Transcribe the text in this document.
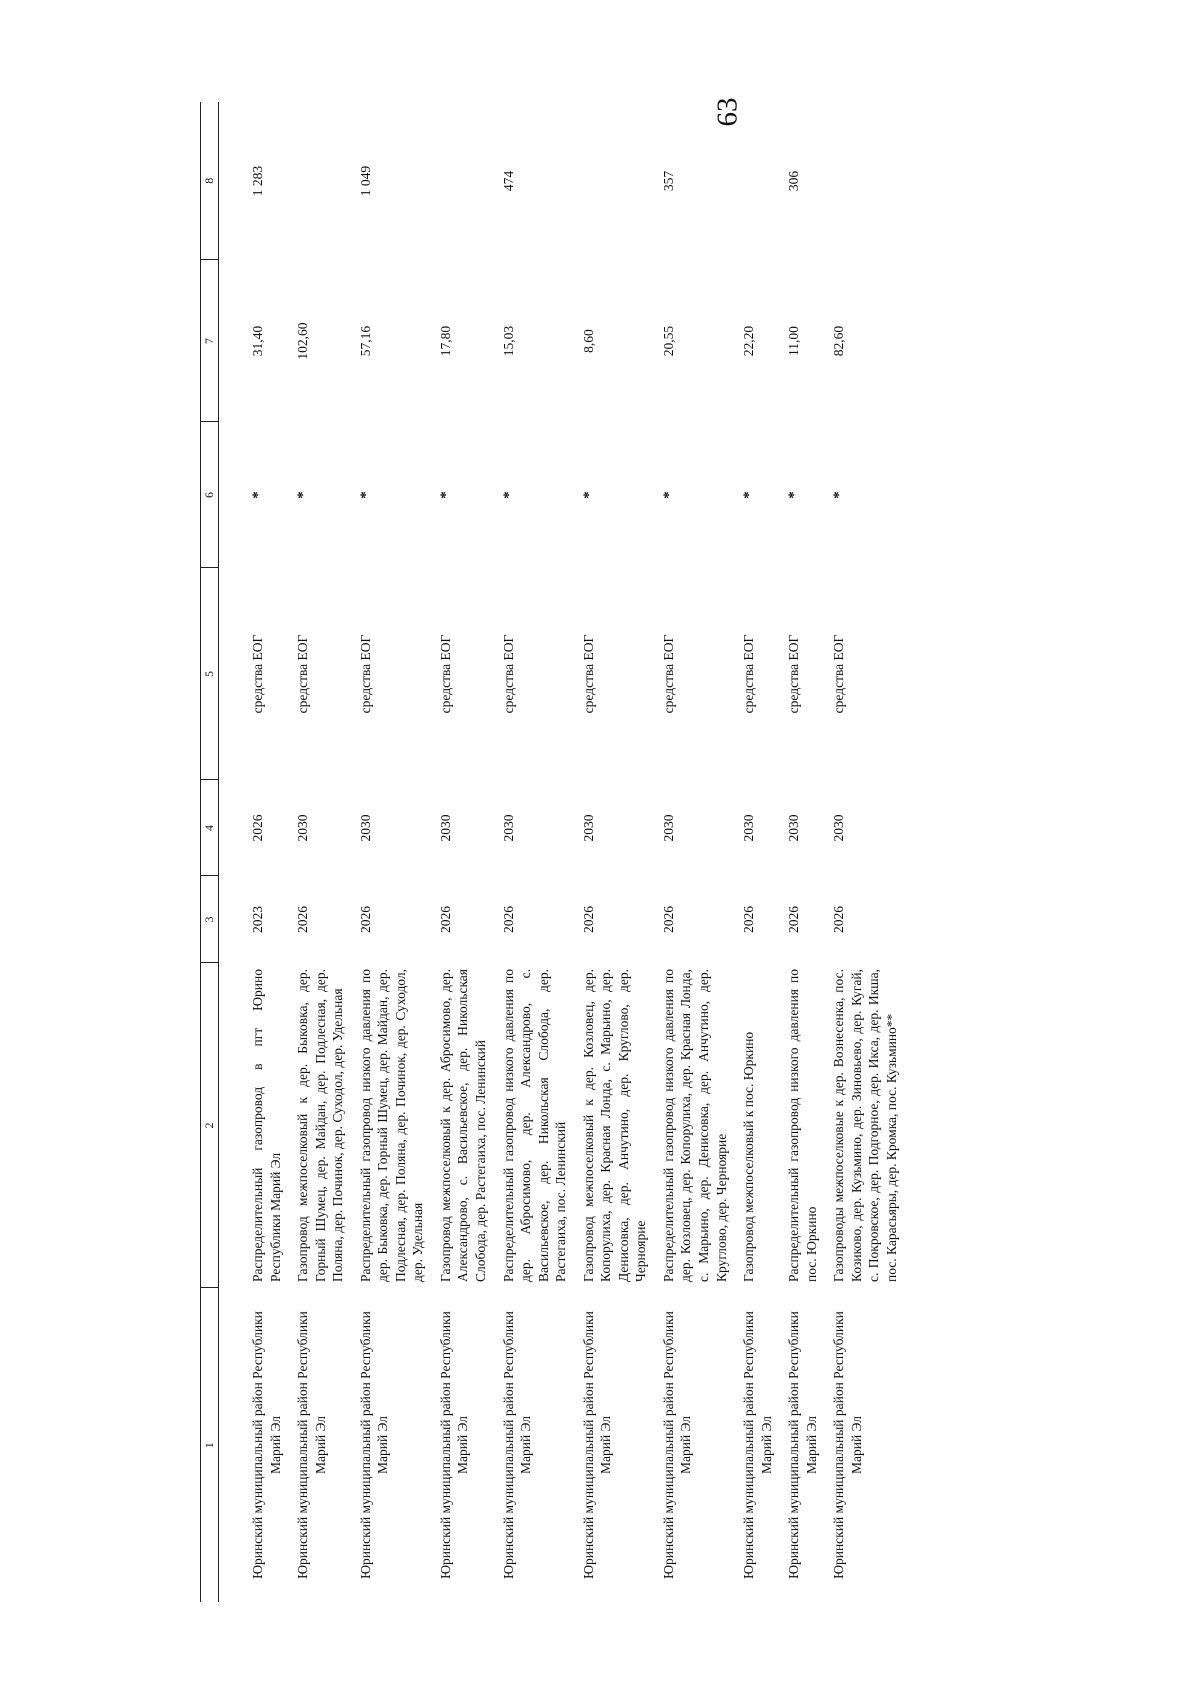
63
1	2	3	4	5	6	7	8
Юринский муниципальный район Республики Марий Эл	Распределительный газопровод в пгт Юрино Республики Марий Эл	2023	2026	средства ЕОГ	*	31,40	1 283
Юринский муниципальный район Республики Марий Эл	Газопровод межпоселковый к дер. Быковка, дер. Горный Шумец, дер. Майдан, дер. Подлесная, дер. Поляна, дер. Починок, дер. Суходол, дер. Удельная	2026	2030	средства ЕОГ	*	102,60	
Юринский муниципальный район Республики Марий Эл	Распределительный газопровод низкого давления по дер. Быковка, дер. Горный Шумец, дер. Майдан, дер. Подлесная, дер. Поляна, дер. Починок, дер. Суходол, дер. Удельная	2026	2030	средства ЕОГ	*	57,16	1 049
Юринский муниципальный район Республики Марий Эл	Газопровод межпоселковый к дер. Абросимово, дер. Александрово, с. Васильевское, дер. Никольская Слобода, дер. Растегаиха, пос. Ленинский	2026	2030	средства ЕОГ	*	17,80	
Юринский муниципальный район Республики Марий Эл	Распределительный газопровод низкого давления по дер. Абросимово, дер. Александрово, с. Васильевское, дер. Никольская Слобода, дер. Растегаиха, пос. Ленинский	2026	2030	средства ЕОГ	*	15,03	474
Юринский муниципальный район Республики Марий Эл	Газопровод межпоселковый к дер. Козловец, дер. Копорулиха, дер. Красная Лонда, с. Марьино, дер. Денисовка, дер. Анчутино, дер. Круглово, дер. Черноярие	2026	2030	средства ЕОГ	*	8,60	
Юринский муниципальный район Республики Марий Эл	Распределительный газопровод низкого давления по дер. Козловец, дер. Копорулиха, дер. Красная Лонда, с. Марьино, дер. Денисовка, дер. Анчутино, дер. Круглово, дер. Черноярие	2026	2030	средства ЕОГ	*	20,55	357
Юринский муниципальный район Республики Марий Эл	Газопровод межпоселковый к пос. Юркино	2026	2030	средства ЕОГ	*	22,20	
Юринский муниципальный район Республики Марий Эл	Распределительный газопровод низкого давления по пос. Юркино	2026	2030	средства ЕОГ	*	11,00	306
Юринский муниципальный район Республики Марий Эл	Газопроводы межпоселковые к дер. Вознесенка, пос. Козиково, дер. Кузьмино, дер. Зиновьево, дер. Кугай, с. Покровское, дер. Подгорное, дер. Икса, дер. Икша, пос. Карасьяры, дер. Кромка, пос. Кузьмино**	2026	2030	средства ЕОГ	*	82,60	
